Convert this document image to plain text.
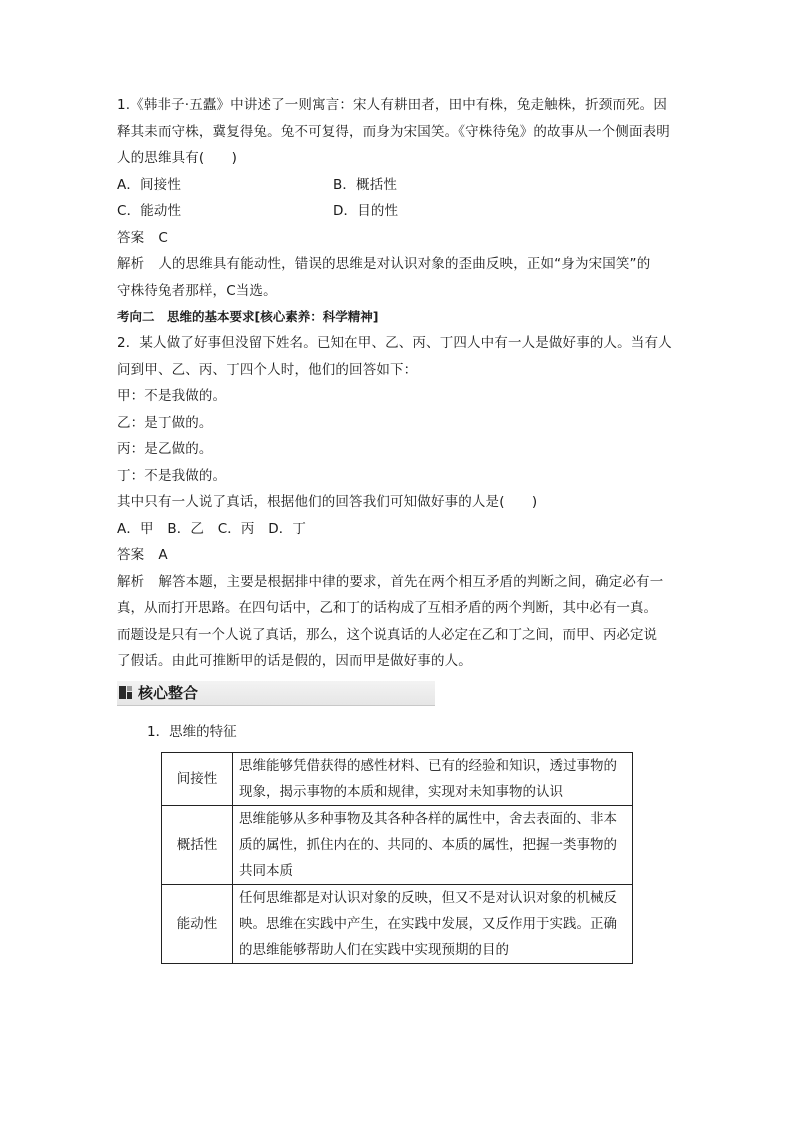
1.《韩非子·五蠹》中讲述了一则寓言：宋人有耕田者，田中有株，兔走触株，折颈而死。因
释其耒而守株，冀复得兔。兔不可复得，而身为宋国笑。《守株待兔》的故事从一个侧面表明
人的思维具有(　　)
A．间接性	B．概括性
C．能动性	D．目的性
答案 C
解析 人的思维具有能动性，错误的思维是对认识对象的歪曲反映，正如“身为宋国笑”的
守株待兔者那样，C当选。
考向二　思维的基本要求[核心素养：科学精神]
2．某人做了好事但没留下姓名。已知在甲、乙、丙、丁四人中有一人是做好事的人。当有人
问到甲、乙、丙、丁四个人时，他们的回答如下：
甲：不是我做的。
乙：是丁做的。
丙：是乙做的。
丁：不是我做的。
其中只有一人说了真话，根据他们的回答我们可知做好事的人是(　　)
A．甲　B．乙　C．丙　D．丁
答案 A
解析 解答本题，主要是根据排中律的要求，首先在两个相互矛盾的判断之间，确定必有一
真，从而打开思路。在四句话中，乙和丁的话构成了互相矛盾的两个判断，其中必有一真。
而题设是只有一个人说了真话，那么，这个说真话的人必定在乙和丁之间，而甲、丙必定说
了假话。由此可推断甲的话是假的，因而甲是做好事的人。
核心整合
1．思维的特征
间接性	思维能够凭借获得的感性材料、已有的经验和知识，透过事物的
现象，揭示事物的本质和规律，实现对未知事物的认识

概括性	思维能够从多种事物及其各种各样的属性中，舍去表面的、非本
质的属性，抓住内在的、共同的、本质的属性，把握一类事物的
共同本质

能动性	任何思维都是对认识对象的反映，但又不是对认识对象的机械反
映。思维在实践中产生，在实践中发展，又反作用于实践。正确
的思维能够帮助人们在实践中实现预期的目的
